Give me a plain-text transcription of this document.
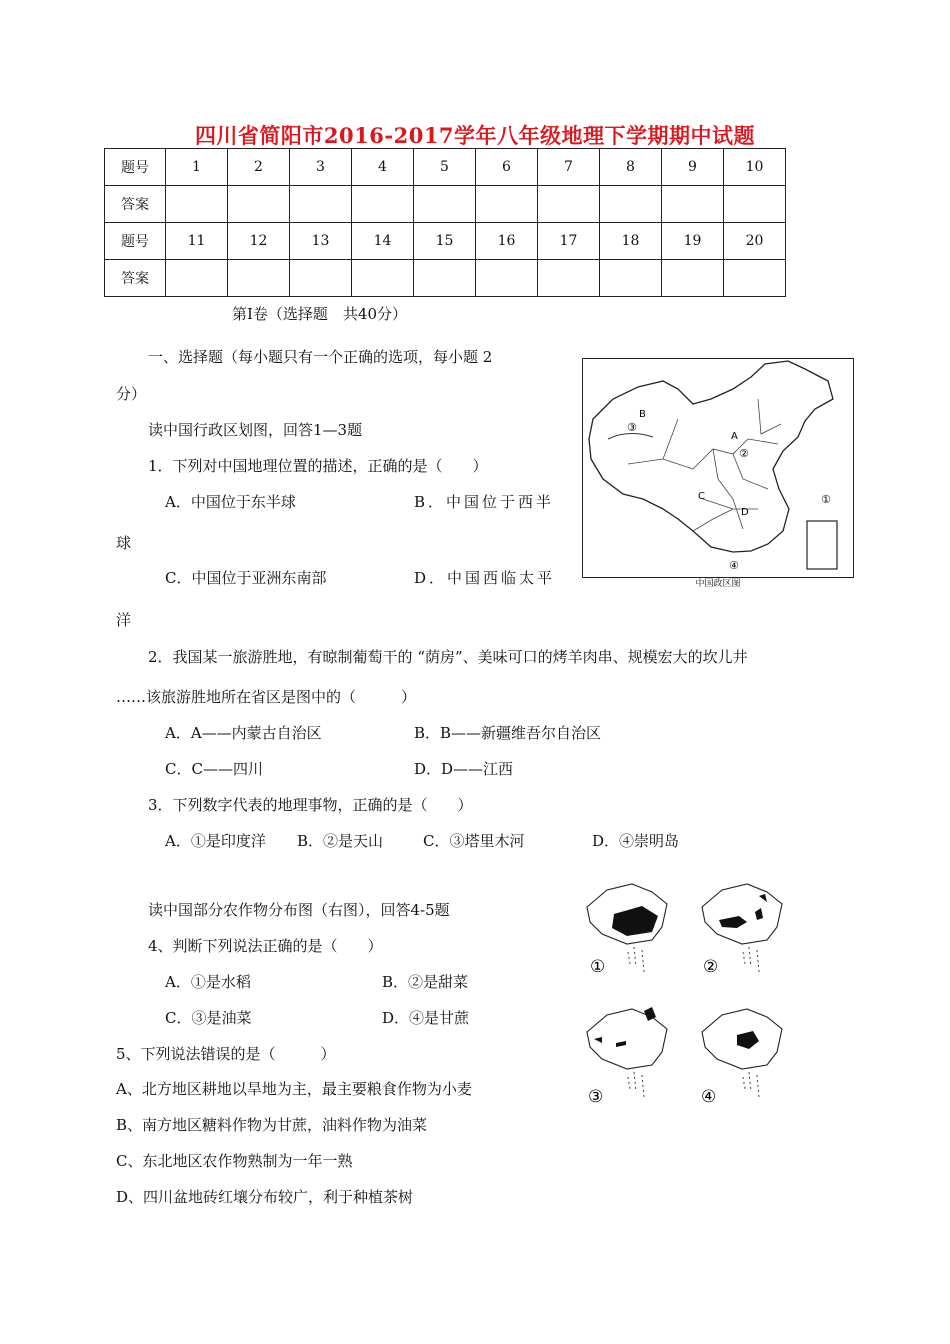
四川省简阳市2016-2017学年八年级地理下学期期中试题
题号	1	2	3	4	5	6	7	8	9	10
答案										
题号	11	12	13	14	15	16	17	18	19	20
答案										
第Ⅰ卷（选择题　共40分）
一、选择题（每小题只有一个正确的选项，每小题 2
分）
读中国行政区划图，回答1—3题
1．下列对中国地理位置的描述，正确的是（　　）
A．中国位于东半球	B．中国位于西半
球
C．中国位于亚洲东南部	D．中国西临太平
洋
2．我国某一旅游胜地，有晾制葡萄干的 “荫房”、美味可口的烤羊肉串、规模宏大的坎儿井
……该旅游胜地所在省区是图中的（　　　）
A．A——内蒙古自治区	B．B——新疆维吾尔自治区
C．C——四川	D．D——江西
3．下列数字代表的地理事物，正确的是（　　）
A．①是印度洋 B．②是天山	C．③塔里木河	D．④崇明岛
读中国部分农作物分布图（右图），回答4-5题
4、判断下列说法正确的是（　　）
A．①是水稻	B．②是甜菜
C．③是油菜	D．④是甘蔗
5、下列说法错误的是（　　　）
A、北方地区耕地以旱地为主，最主要粮食作物为小麦
B、南方地区糖料作物为甘蔗，油料作物为油菜
C、东北地区农作物熟制为一年一熟
D、四川盆地砖红壤分布较广，利于种植茶树
B
A
C
D
①
②
③
④
中国政区图
①	②
③	④
